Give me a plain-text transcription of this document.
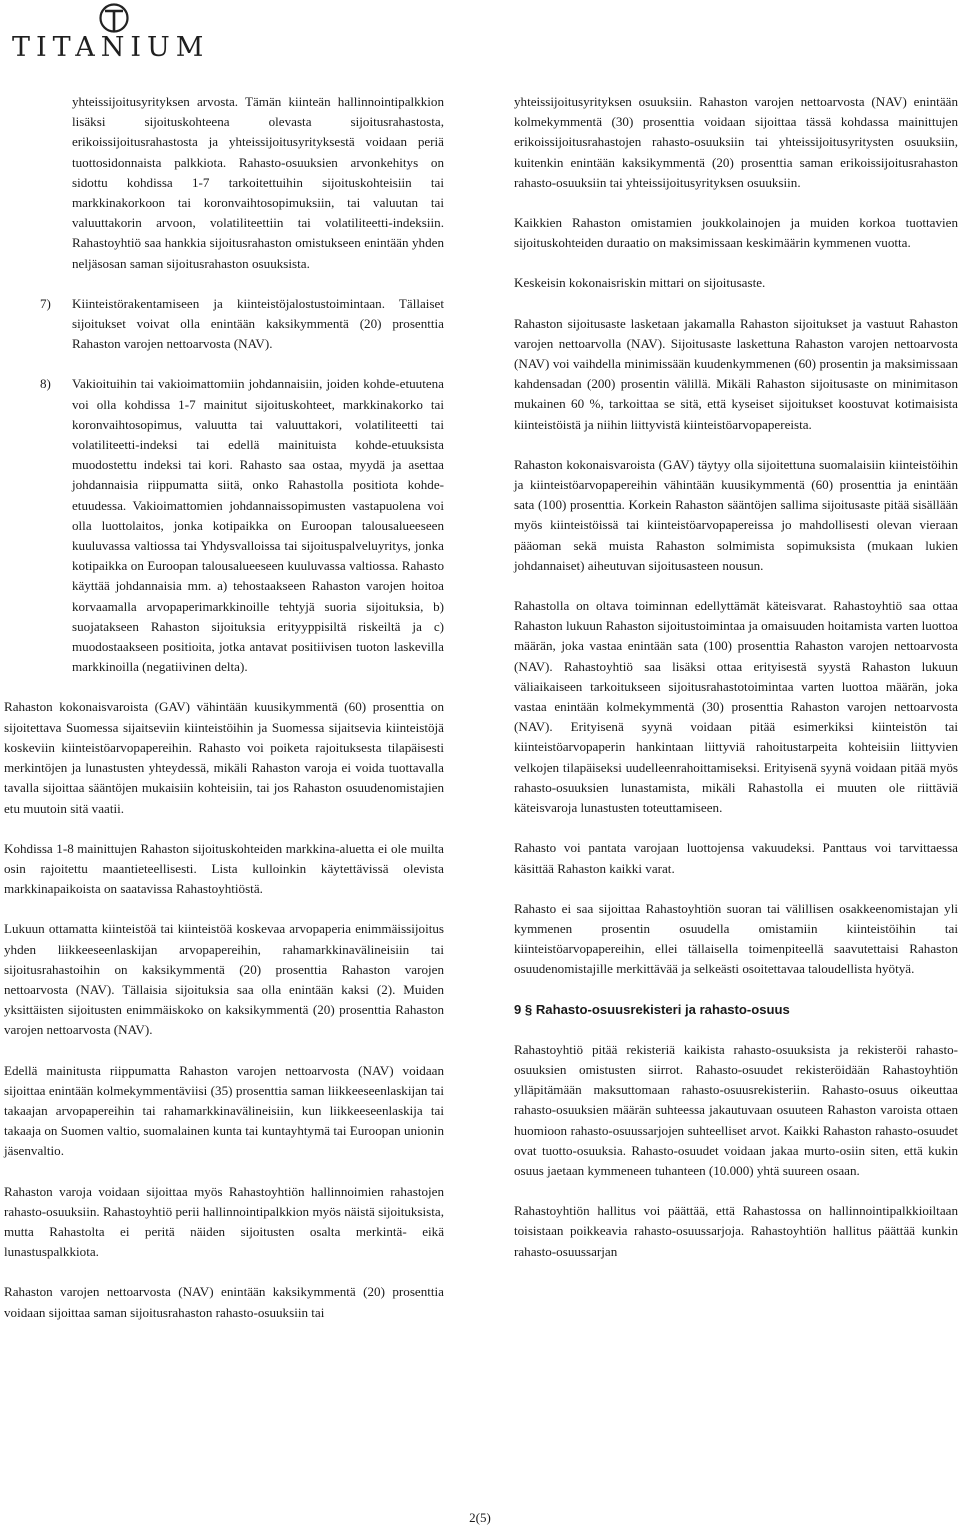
TITANIUM

yhteissijoitusyrityksen arvosta. Tämän kiinteän hallinnointipalkkion lisäksi sijoituskohteena olevasta sijoitusrahastosta, erikoissijoitusrahastosta ja yhteissijoitusyrityksestä voidaan periä tuottosidonnaista palkkiota. Rahasto-osuuksien arvonkehitys on sidottu kohdissa 1-7 tarkoitettuihin sijoituskohteisiin tai markkinakorkoon tai koronvaihtosopimuksiin, tai valuutan tai valuuttakorin arvoon, volatiliteettiin tai volatiliteetti-indeksiin. Rahastoyhtiö saa hankkia sijoitusrahaston omistukseen enintään yhden neljäsosan saman sijoitusrahaston osuuksista.

7) Kiinteistörakentamiseen ja kiinteistöjalostustoimintaan. Tällaiset sijoitukset voivat olla enintään kaksikymmentä (20) prosenttia Rahaston varojen nettoarvosta (NAV).

8) Vakioituihin tai vakioimattomiin johdannaisiin, joiden kohde-etuutena voi olla kohdissa 1-7 mainitut sijoituskohteet, markkinakorko tai koronvaihtosopimus, valuutta tai valuuttakori, volatiliteetti tai volatiliteetti-indeksi tai edellä mainituista kohde-etuuksista muodostettu indeksi tai kori. Rahasto saa ostaa, myydä ja asettaa johdannaisia riippumatta siitä, onko Rahastolla positiota kohde-etuudessa. Vakioimattomien johdannaissopimusten vastapuolena voi olla luottolaitos, jonka kotipaikka on Euroopan talousalueeseen kuuluvassa valtiossa tai Yhdysvalloissa tai sijoituspalveluyritys, jonka kotipaikka on Euroopan talousalueeseen kuuluvassa valtiossa. Rahasto käyttää johdannaisia mm. a) tehostaakseen Rahaston varojen hoitoa korvaamalla arvopaperimarkkinoille tehtyjä suoria sijoituksia, b) suojatakseen Rahaston sijoituksia erityyppisiltä riskeiltä ja c) muodostaakseen positioita, jotka antavat positiivisen tuoton laskevilla markkinoilla (negatiivinen delta).

Rahaston kokonaisvaroista (GAV) vähintään kuusikymmentä (60) prosenttia on sijoitettava Suomessa sijaitseviin kiinteistöihin ja Suomessa sijaitsevia kiinteistöjä koskeviin kiinteistöarvopapereihin. Rahasto voi poiketa rajoituksesta tilapäisesti merkintöjen ja lunastusten yhteydessä, mikäli Rahaston varoja ei voida tuottavalla tavalla sijoittaa sääntöjen mukaisiin kohteisiin, tai jos Rahaston osuudenomistajien etu muutoin sitä vaatii.

Kohdissa 1-8 mainittujen Rahaston sijoituskohteiden markkina-aluetta ei ole muilta osin rajoitettu maantieteellisesti. Lista kulloinkin käytettävissä olevista markkinapaikoista on saatavissa Rahastoyhtiöstä.

Lukuun ottamatta kiinteistöä tai kiinteistöä koskevaa arvopaperia enimmäissijoitus yhden liikkeeseenlaskijan arvopapereihin, rahamarkkinavälineisiin tai sijoitusrahastoihin on kaksikymmentä (20) prosenttia Rahaston varojen nettoarvosta (NAV). Tällaisia sijoituksia saa olla enintään kaksi (2). Muiden yksittäisten sijoitusten enimmäiskoko on kaksikymmentä (20) prosenttia Rahaston varojen nettoarvosta (NAV).

Edellä mainitusta riippumatta Rahaston varojen nettoarvosta (NAV) voidaan sijoittaa enintään kolmekymmentäviisi (35) prosenttia saman liikkeeseenlaskijan tai takaajan arvopapereihin tai rahamarkkinavälineisiin, kun liikkeeseenlaskija tai takaaja on Suomen valtio, suomalainen kunta tai kuntayhtymä tai Euroopan unionin jäsenvaltio.

Rahaston varoja voidaan sijoittaa myös Rahastoyhtiön hallinnoimien rahastojen rahasto-osuuksiin. Rahastoyhtiö perii hallinnointipalkkion myös näistä sijoituksista, mutta Rahastolta ei peritä näiden sijoitusten osalta merkintä- eikä lunastuspalkkiota.

Rahaston varojen nettoarvosta (NAV) enintään kaksikymmentä (20) prosenttia voidaan sijoittaa saman sijoitusrahaston rahasto-osuuksiin tai

yhteissijoitusyrityksen osuuksiin. Rahaston varojen nettoarvosta (NAV) enintään kolmekymmentä (30) prosenttia voidaan sijoittaa tässä kohdassa mainittujen erikoissijoitusrahastojen rahasto-osuuksiin tai yhteissijoitusyritysten osuuksiin, kuitenkin enintään kaksikymmentä (20) prosenttia saman erikoissijoitusrahaston rahasto-osuuksiin tai yhteissijoitusyrityksen osuuksiin.

Kaikkien Rahaston omistamien joukkolainojen ja muiden korkoa tuottavien sijoituskohteiden duraatio on maksimissaan keskimäärin kymmenen vuotta.

Keskeisin kokonaisriskin mittari on sijoitusaste.

Rahaston sijoitusaste lasketaan jakamalla Rahaston sijoitukset ja vastuut Rahaston varojen nettoarvolla (NAV). Sijoitusaste laskettuna Rahaston varojen nettoarvosta (NAV) voi vaihdella minimissään kuudenkymmenen (60) prosentin ja maksimissaan kahdensadan (200) prosentin välillä. Mikäli Rahaston sijoitusaste on minimitason mukainen 60 %, tarkoittaa se sitä, että kyseiset sijoitukset koostuvat kotimaisista kiinteistöistä ja niihin liittyvistä kiinteistöarvopapereista.

Rahaston kokonaisvaroista (GAV) täytyy olla sijoitettuna suomalaisiin kiinteistöihin ja kiinteistöarvopapereihin vähintään kuusikymmentä (60) prosenttia ja enintään sata (100) prosenttia. Korkein Rahaston sääntöjen sallima sijoitusaste pitää sisällään myös kiinteistöissä tai kiinteistöarvopapereissa jo mahdollisesti olevan vieraan pääoman sekä muista Rahaston solmimista sopimuksista (mukaan lukien johdannaiset) aiheutuvan sijoitusasteen nousun.

Rahastolla on oltava toiminnan edellyttämät käteisvarat. Rahastoyhtiö saa ottaa Rahaston lukuun Rahaston sijoitustoimintaa ja omaisuuden hoitamista varten luottoa määrän, joka vastaa enintään sata (100) prosenttia Rahaston varojen nettoarvosta (NAV). Rahastoyhtiö saa lisäksi ottaa erityisestä syystä Rahaston lukuun väliaikaiseen tarkoitukseen sijoitusrahastotoimintaa varten luottoa määrän, joka vastaa enintään kolmekymmentä (30) prosenttia Rahaston varojen nettoarvosta (NAV). Erityisenä syynä voidaan pitää esimerkiksi kiinteistön tai kiinteistöarvopaperin hankintaan liittyviä rahoitustarpeita kohteisiin liittyvien velkojen tilapäiseksi uudelleenrahoittamiseksi. Erityisenä syynä voidaan pitää myös rahasto-osuuksien lunastamista, mikäli Rahastolla ei muuten ole riittäviä käteisvaroja lunastusten toteuttamiseen.

Rahasto voi pantata varojaan luottojensa vakuudeksi. Panttaus voi tarvittaessa käsittää Rahaston kaikki varat.

Rahasto ei saa sijoittaa Rahastoyhtiön suoran tai välillisen osakkeenomistajan yli kymmenen prosentin osuudella omistamiin kiinteistöihin tai kiinteistöarvopapereihin, ellei tällaisella toimenpiteellä saavutettaisi Rahaston osuudenomistajille merkittävää ja selkeästi osoitettavaa taloudellista hyötyä.

9 § Rahasto-osuusrekisteri ja rahasto-osuus

Rahastoyhtiö pitää rekisteriä kaikista rahasto-osuuksista ja rekisteröi rahasto-osuuksien omistusten siirrot. Rahasto-osuudet rekisteröidään Rahastoyhtiön ylläpitämään maksuttomaan rahasto-osuusrekisteriin. Rahasto-osuus oikeuttaa rahasto-osuuksien määrän suhteessa jakautuvaan osuuteen Rahaston varoista ottaen huomioon rahasto-osuussarjojen suhteelliset arvot. Kaikki Rahaston rahasto-osuudet ovat tuotto-osuuksia. Rahasto-osuudet voidaan jakaa murto-osiin siten, että kukin osuus jaetaan kymmeneen tuhanteen (10.000) yhtä suureen osaan.

Rahastoyhtiön hallitus voi päättää, että Rahastossa on hallinnointipalkkioiltaan toisistaan poikkeavia rahasto-osuussarjoja. Rahastoyhtiön hallitus päättää kunkin rahasto-osuussarjan

2(5)
